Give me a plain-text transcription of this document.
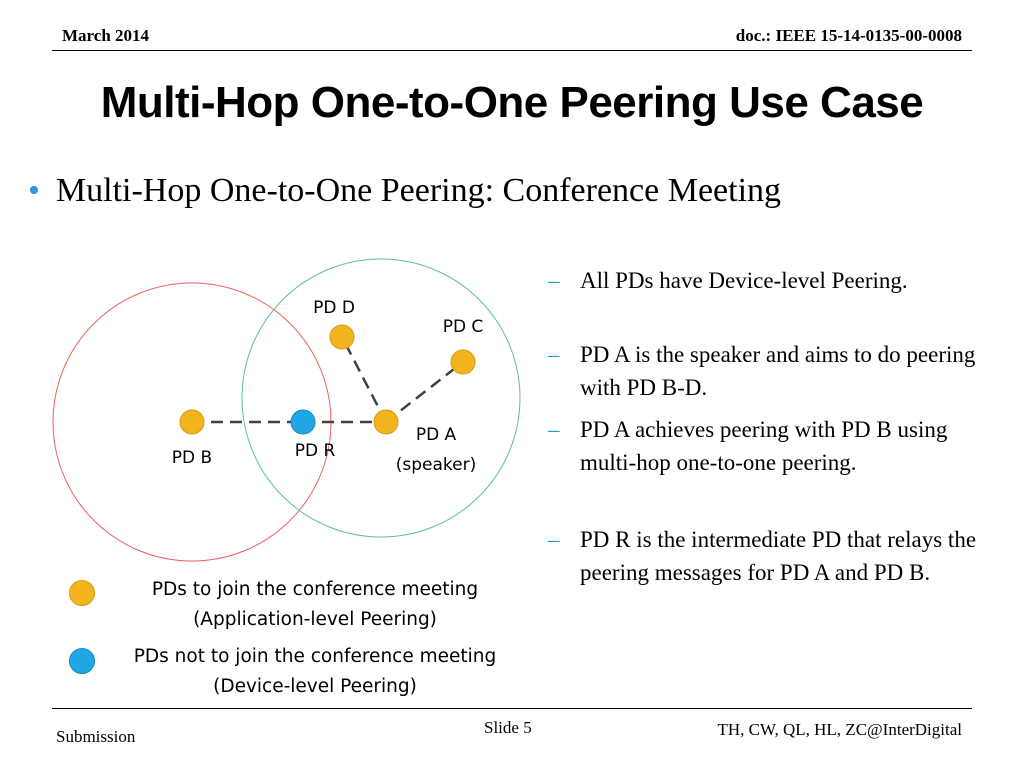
March 2014	doc.: IEEE 15-14-0135-00-0008
Multi-Hop One-to-One Peering Use Case
• Multi-Hop One-to-One Peering: Conference Meeting
PD D
PD C
PD B	PD R
PD A
(speaker)
– All PDs have Device-level Peering.
– PD A is the speaker and aims to do peering with PD B-D.
– PD A achieves peering with PD B using multi-hop one-to-one peering.
– PD R is the intermediate PD that relays the peering messages for PD A and PD B.
PDs to join the conference meeting
(Application-level Peering)
PDs not to join the conference meeting
(Device-level Peering)
Submission	Slide 5	TH, CW, QL, HL, ZC@InterDigital
